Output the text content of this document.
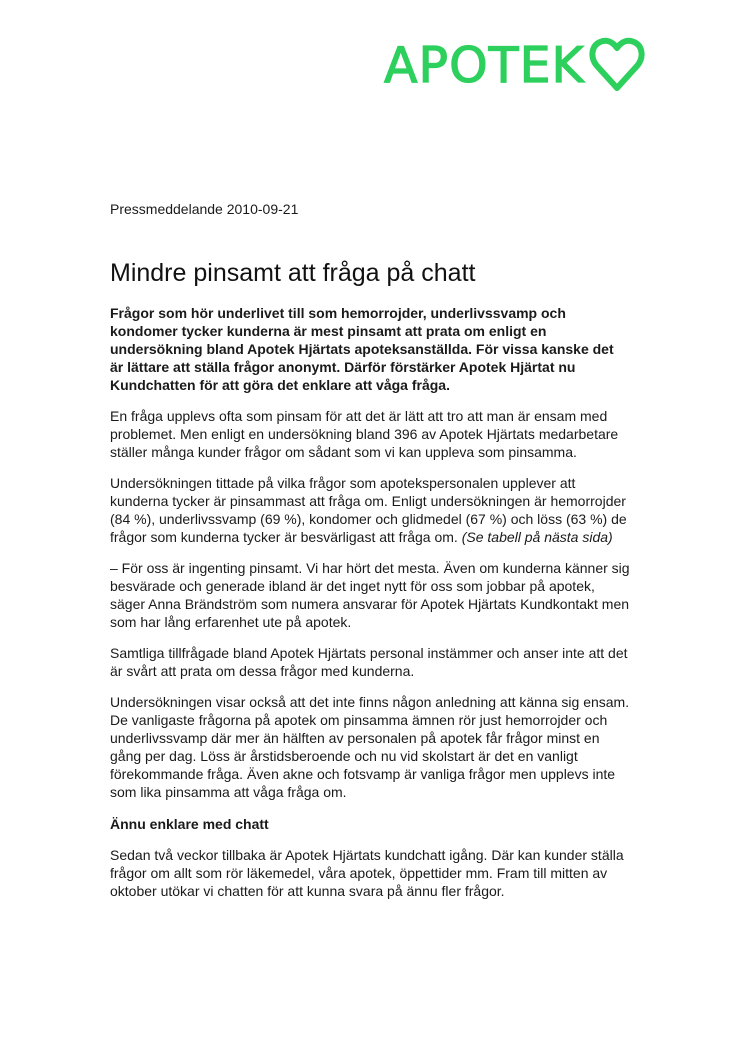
APOTEK

Pressmeddelande 2010-09-21

Mindre pinsamt att fråga på chatt

Frågor som hör underlivet till som hemorrojder, underlivssvamp och kondomer tycker kunderna är mest pinsamt att prata om enligt en undersökning bland Apotek Hjärtats apoteksanställda. För vissa kanske det är lättare att ställa frågor anonymt. Därför förstärker Apotek Hjärtat nu Kundchatten för att göra det enklare att våga fråga.

En fråga upplevs ofta som pinsam för att det är lätt att tro att man är ensam med problemet. Men enligt en undersökning bland 396 av Apotek Hjärtats medarbetare ställer många kunder frågor om sådant som vi kan uppleva som pinsamma.

Undersökningen tittade på vilka frågor som apotekspersonalen upplever att kunderna tycker är pinsammast att fråga om. Enligt undersökningen är hemorrojder (84 %), underlivssvamp (69 %), kondomer och glidmedel (67 %) och löss (63 %) de frågor som kunderna tycker är besvärligast att fråga om. (Se tabell på nästa sida)

– För oss är ingenting pinsamt. Vi har hört det mesta. Även om kunderna känner sig besvärade och generade ibland är det inget nytt för oss som jobbar på apotek, säger Anna Brändström som numera ansvarar för Apotek Hjärtats Kundkontakt men som har lång erfarenhet ute på apotek.

Samtliga tillfrågade bland Apotek Hjärtats personal instämmer och anser inte att det är svårt att prata om dessa frågor med kunderna.

Undersökningen visar också att det inte finns någon anledning att känna sig ensam. De vanligaste frågorna på apotek om pinsamma ämnen rör just hemorrojder och underlivssvamp där mer än hälften av personalen på apotek får frågor minst en gång per dag. Löss är årstidsberoende och nu vid skolstart är det en vanligt förekommande fråga. Även akne och fotsvamp är vanliga frågor men upplevs inte som lika pinsamma att våga fråga om.

Ännu enklare med chatt

Sedan två veckor tillbaka är Apotek Hjärtats kundchatt igång. Där kan kunder ställa frågor om allt som rör läkemedel, våra apotek, öppettider mm. Fram till mitten av oktober utökar vi chatten för att kunna svara på ännu fler frågor.
